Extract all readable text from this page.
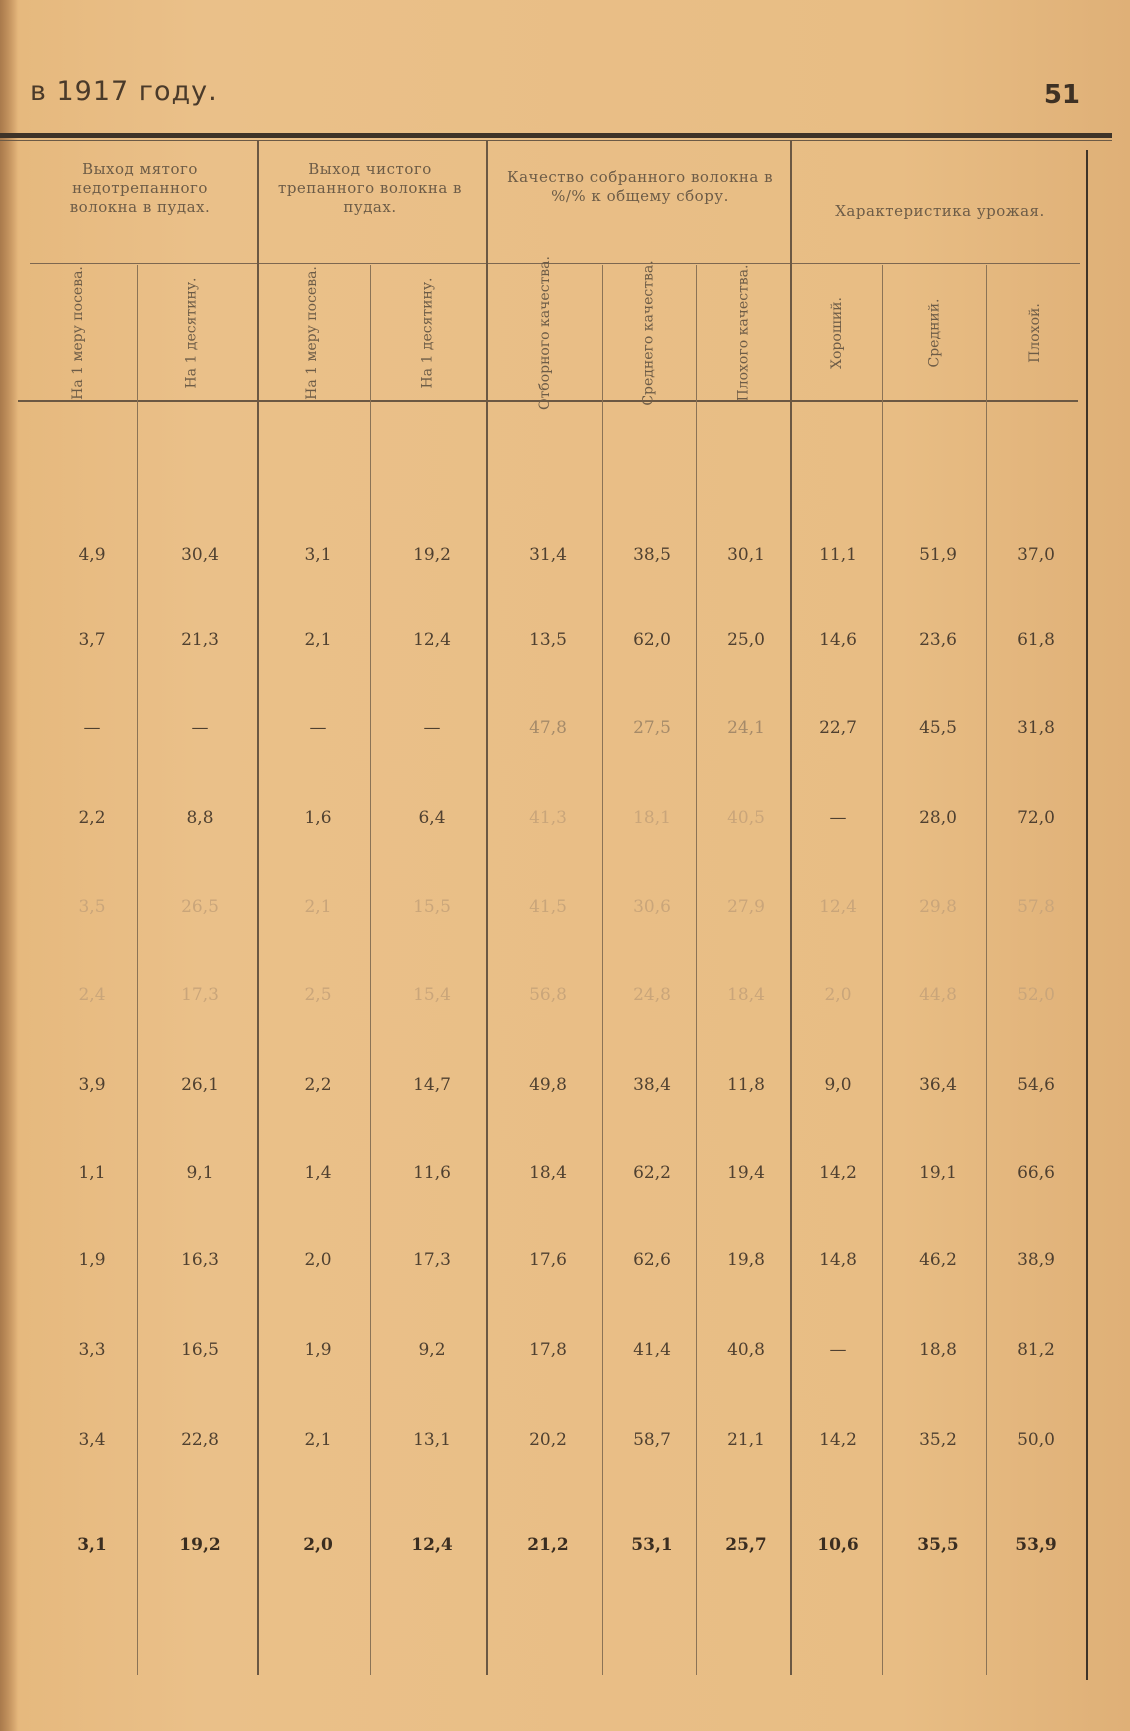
в 1917 году.	51
Выход мятого недотрепанного волокна в пудах.
Выход чистого трепанного волокна в пудах.
Качество собранного волокна в %/% к общему сбору.
Характеристика урожая.
На 1 меру посева.	На 1 десятину.	На 1 меру посева.	На 1 десятину.	Отборного качества.	Среднего качества.	Плохого качества.	Хороший.	Средний.	Плохой.
4,9	30,4	3,1	19,2	31,4	38,5	30,1	11,1	51,9	37,0
3,7	21,3	2,1	12,4	13,5	62,0	25,0	14,6	23,6	61,8
—	—	—	—	47,8	27,5	24,1	22,7	45,5	31,8
2,2	8,8	1,6	6,4	41,3	18,1	40,5	—	28,0	72,0
3,5	26,5	2,1	15,5	41,5	30,6	27,9	12,4	29,8	57,8
2,4	17,3	2,5	15,4	56,8	24,8	18,4	2,0	44,8	52,0
3,9	26,1	2,2	14,7	49,8	38,4	11,8	9,0	36,4	54,6
1,1	9,1	1,4	11,6	18,4	62,2	19,4	14,2	19,1	66,6
1,9	16,3	2,0	17,3	17,6	62,6	19,8	14,8	46,2	38,9
3,3	16,5	1,9	9,2	17,8	41,4	40,8	—	18,8	81,2
3,4	22,8	2,1	13,1	20,2	58,7	21,1	14,2	35,2	50,0
3,1	19,2	2,0	12,4	21,2	53,1	25,7	10,6	35,5	53,9
